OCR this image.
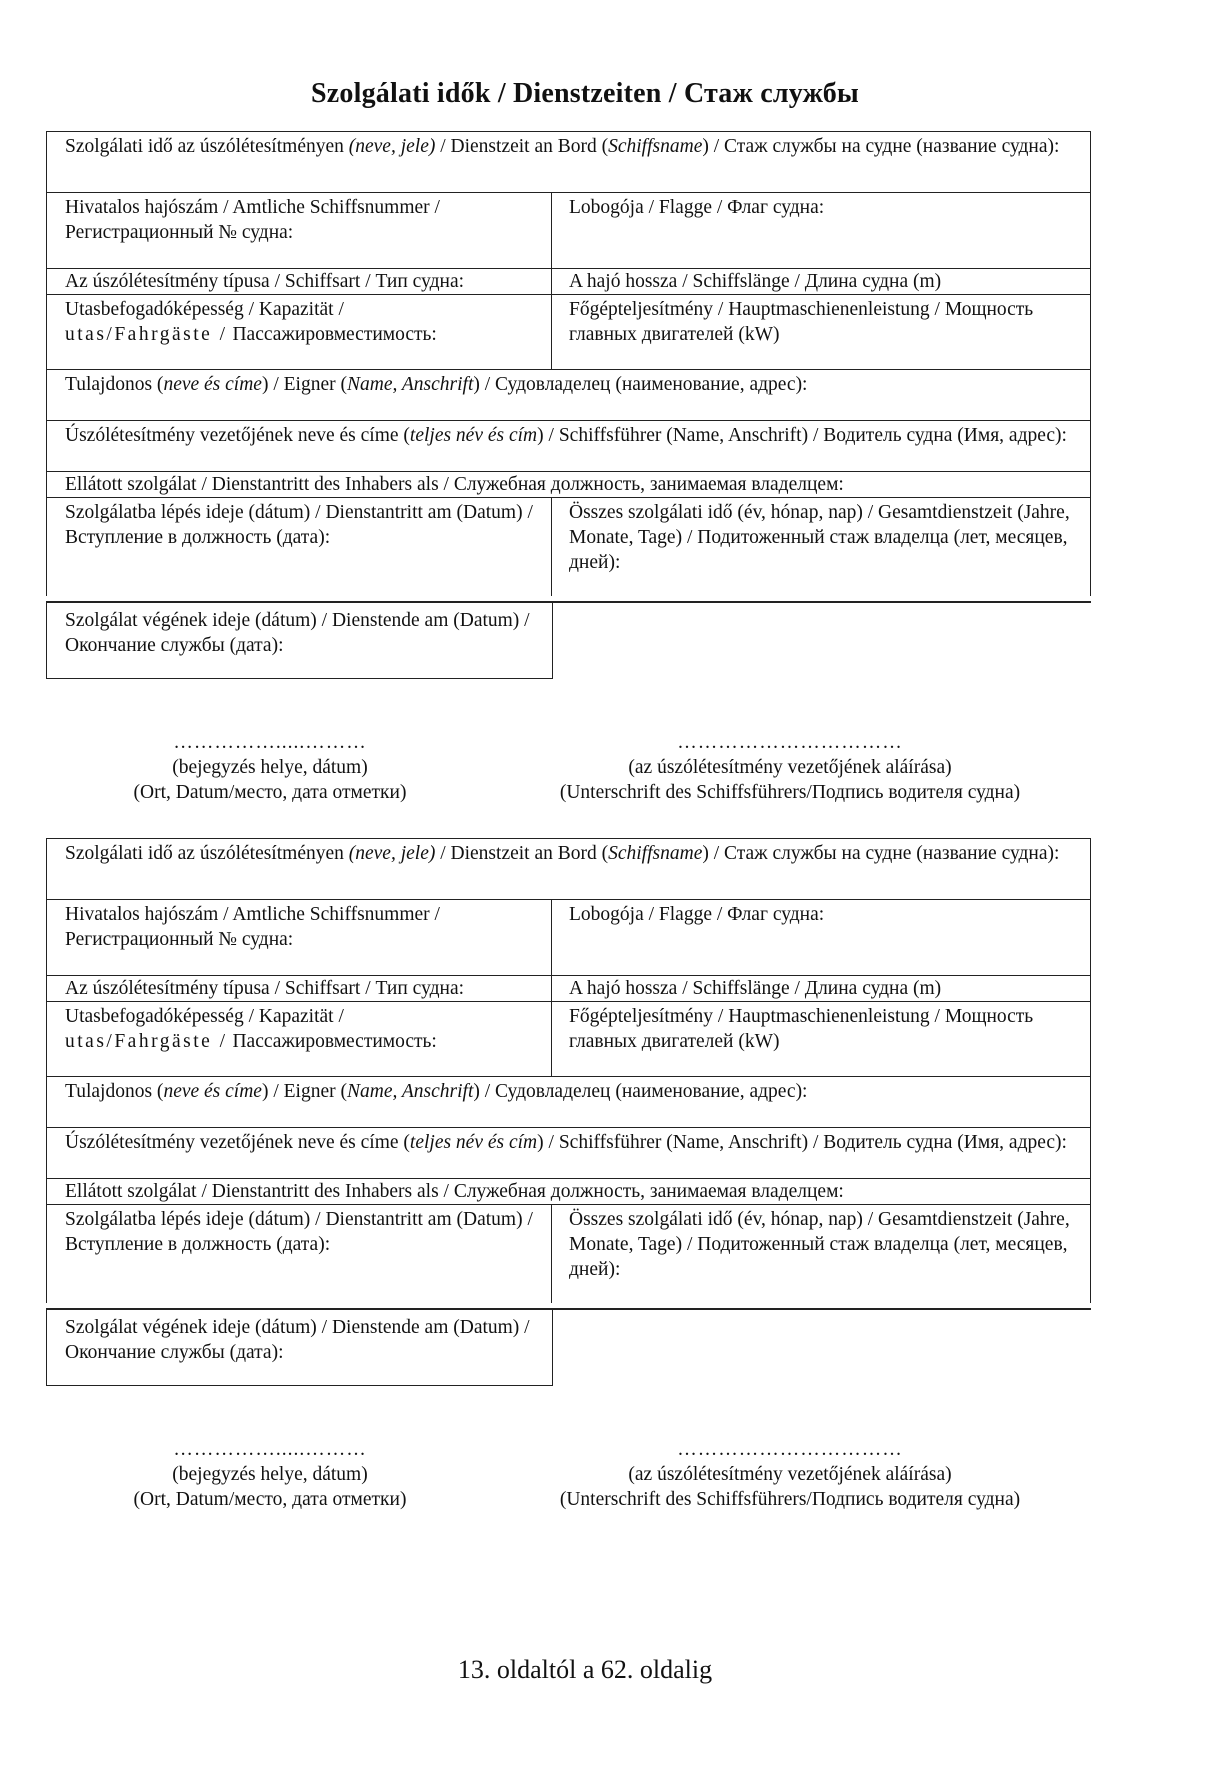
Szolgálati idők / Dienstzeiten / Стаж службы
Szolgálati idő az úszólétesítményen (neve, jele) / Dienstzeit an Bord (Schiffsname) / Стаж службы на судне (название судна):
Hivatalos hajószám / Amtliche Schiffsnummer / Регистрационный № судна:
Lobogója / Flagge / Флаг судна:
Az úszólétesítmény típusa / Schiffsart / Тип судна:	A hajó hossza / Schiffslänge / Длина судна (m)
Utasbefogadóképesség / Kapazität /
utas/Fahrgäste / Пассажировместимость:
Főgépteljesítmény / Hauptmaschienenleistung / Мощность главных двигателей (kW)
Tulajdonos (neve és címe) / Eigner (Name, Anschrift) / Судовладелец (наименование, адрес):
Úszólétesítmény vezetőjének neve és címe (teljes név és cím) / Schiffsführer (Name, Anschrift) / Водитель судна (Имя, адрес):
Ellátott szolgálat / Dienstantritt des Inhabers als / Служебная должность, занимаемая владелцем:
Szolgálatba lépés ideje (dátum) / Dienstantritt am (Datum) / Вступление в должность (дата):
Összes szolgálati idő (év, hónap, nap) / Gesamtdienstzeit (Jahre, Monate, Tage) / Подитоженный стаж владелца (лет, месяцев, дней):
Szolgálat végének ideje (dátum) / Dienstende am (Datum) / Окончание службы (дата):
…………….....………
(bejegyzés helye, dátum)
(Ort, Datum/место, дата отметки)
……………………………
(az úszólétesítmény vezetőjének aláírása)
(Unterschrift des Schiffsführers/Подпись водителя судна)
Szolgálati idő az úszólétesítményen (neve, jele) / Dienstzeit an Bord (Schiffsname) / Стаж службы на судне (название судна):
Hivatalos hajószám / Amtliche Schiffsnummer / Регистрационный № судна:
Lobogója / Flagge / Флаг судна:
Az úszólétesítmény típusa / Schiffsart / Тип судна:	A hajó hossza / Schiffslänge / Длина судна (m)
Utasbefogadóképesség / Kapazität /
utas/Fahrgäste / Пассажировместимость:
Főgépteljesítmény / Hauptmaschienenleistung / Мощность главных двигателей (kW)
Tulajdonos (neve és címe) / Eigner (Name, Anschrift) / Судовладелец (наименование, адрес):
Úszólétesítmény vezetőjének neve és címe (teljes név és cím) / Schiffsführer (Name, Anschrift) / Водитель судна (Имя, адрес):
Ellátott szolgálat / Dienstantritt des Inhabers als / Служебная должность, занимаемая владелцем:
Szolgálatba lépés ideje (dátum) / Dienstantritt am (Datum) / Вступление в должность (дата):
Összes szolgálati idő (év, hónap, nap) / Gesamtdienstzeit (Jahre, Monate, Tage) / Подитоженный стаж владелца (лет, месяцев, дней):
Szolgálat végének ideje (dátum) / Dienstende am (Datum) / Окончание службы (дата):
…………….....………
(bejegyzés helye, dátum)
(Ort, Datum/место, дата отметки)
……………………………
(az úszólétesítmény vezetőjének aláírása)
(Unterschrift des Schiffsführers/Подпись водителя судна)
13. oldaltól a 62. oldalig
